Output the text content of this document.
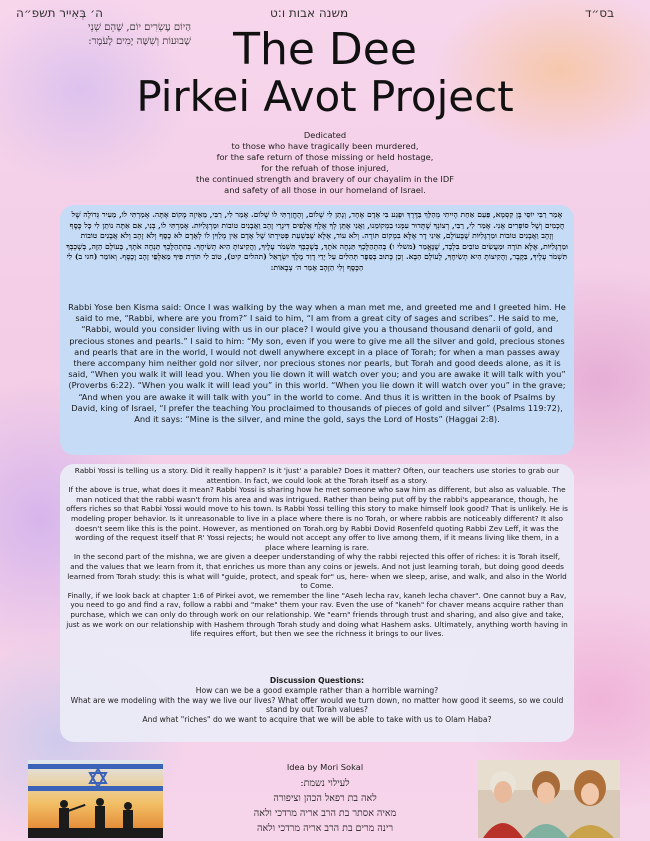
בס״ד
משנה אבות ו:ט
ה׳ בְּאִייר תשפ״ה
הַיוֹם עֶשְׂרִים יוֹם, שֶׁהֵם שְׁנֵי
שָׁבוּעוֹת וְשִׁשָּׁה יָמִים לָעֹמֶר: The Dee
Pirkei Avot Project
Dedicated
to those who have tragically been murdered,
for the safe return of those missing or held hostage,
for the refuah of those injured,
the continued strength and bravery of our chayalim in the IDF
and safety of all those in our homeland of Israel.
אָמַר רַבִּי יוֹסֵי בֶּן קִסְמָא, פַּעַם אַחַת הָיִיתִי מְהַלֵּךְ בַּדֶּרֶךְ וּפָגַע בִּי אָדָם אֶחָד, וְנָתַן לִי שָׁלוֹם, וְהֶחֱזַרְתִּי לוֹ שָׁלוֹם. אָמַר לִי, רַבִּי, מֵאֵיזֶה מָקוֹם אָתָּה. אָמַרְתִּי לוֹ, מֵעִיר גְּדוֹלָה שֶׁל חֲכָמִים וְשֶׁל סוֹפְרִים אָנִי. אָמַר לִי, רַבִּי, רְצוֹנְךָ שֶׁתָּדוּר עִמָּנוּ בִמְקוֹמֵנוּ, וַאֲנִי אֶתֵּן לְךָ אֶלֶף אֲלָפִים דִּינְרֵי זָהָב וַאֲבָנִים טוֹבוֹת וּמַרְגָּלִיּוֹת. אָמַרְתִּי לוֹ, בְּנִי, אִם אַתָּה נוֹתֵן לִי כָּל כֶּסֶף וְזָהָב וַאֲבָנִים טוֹבוֹת וּמַרְגָּלִיּוֹת שֶׁבָּעוֹלָם, אֵינִי דָר אֶלָּא בִמְקוֹם תּוֹרָה. וְלֹא עוֹד, אֶלָּא שֶׁבִּשְׁעַת פְּטִירָתוֹ שֶׁל אָדָם אֵין מְלַוִּין לוֹ לְאָדָם לֹא כֶסֶף וְלֹא זָהָב וְלֹא אֲבָנִים טוֹבוֹת וּמַרְגָּלִיּוֹת, אֶלָּא תוֹרָה וּמַעֲשִׂים טוֹבִים בִּלְבָד, שֶׁנֶּאֱמַר (משלי ו) בְּהִתְהַלֶּכְךָ תַּנְחֶה אֹתָךְ, בְּשָׁכְבְּךָ תִּשְׁמֹר עָלֶיךָ, וַהֲקִיצוֹתָ הִיא תְשִׂיחֶךָ. בְּהִתְהַלֶּכְךָ תַּנְחֶה אֹתָךְ, בָּעוֹלָם הַזֶּה, בְּשָׁכְבְּךָ תִּשְׁמֹר עָלֶיךָ, בַּקֶּבֶר, וַהֲקִיצוֹתָ הִיא תְשִׂיחֶךָ, לָעוֹלָם הַבָּא. וְכֵן כָּתוּב בְּסֵפֶר תְּהִלִּים עַל יְדֵי דָוִד מֶלֶךְ יִשְׂרָאֵל (תהלים קיט), טוֹב לִי תוֹרַת פִּיךָ מֵאַלְפֵי זָהָב וָכָסֶף. וְאוֹמֵר (חגי ב) לִי הַכֶּסֶף וְלִי הַזָּהָב אָמַר ה׳ צְבָאוֹת:
Rabbi Yose ben Kisma said: Once I was walking by the way when a man met me, and greeted me and I greeted him. He said to me, “Rabbi, where are you from?” I said to him, “I am from a great city of sages and scribes”. He said to me, “Rabbi, would you consider living with us in our place? I would give you a thousand thousand denarii of gold, and precious stones and pearls.” I said to him: “My son, even if you were to give me all the silver and gold, precious stones and pearls that are in the world, I would not dwell anywhere except in a place of Torah; for when a man passes away there accompany him neither gold nor silver, nor precious stones nor pearls, but Torah and good deeds alone, as it is said, “When you walk it will lead you. When you lie down it will watch over you; and you are awake it will talk with you” (Proverbs 6:22). “When you walk it will lead you” in this world. “When you lie down it will watch over you” in the grave; “And when you are awake it will talk with you” in the world to come. And thus it is written in the book of Psalms by David, king of Israel, “I prefer the teaching You proclaimed to thousands of pieces of gold and silver” (Psalms 119:72), And it says: “Mine is the silver, and mine the gold, says the Lord of Hosts” (Haggai 2:8).

Rabbi Yossi is telling us a story. Did it really happen? Is it 'just' a parable? Does it matter? Often, our teachers use stories to grab our attention. In fact, we could look at the Torah itself as a story.

If the above is true, what does it mean? Rabbi Yossi is sharing how he met someone who saw him as different, but also as valuable. The man noticed that the rabbi wasn't from his area and was intrigued. Rather than being put off by the rabbi's appearance, though, he offers riches so that Rabbi Yossi would move to his town. Is Rabbi Yossi telling this story to make himself look good? That is unlikely. He is modeling proper behavior. Is it unreasonable to live in a place where there is no Torah, or where rabbis are noticeably different? It also doesn't seem like this is the point. However, as mentioned on Torah.org by Rabbi Dovid Rosenfeld quoting Rabbi Zev Leff, it was the wording of the request itself that R' Yossi rejects; he would not accept any offer to live among them, if it means living like them, in a place where learning is rare.

In the second part of the mishna, we are given a deeper understanding of why the rabbi rejected this offer of riches: it is Torah itself, and the values that we learn from it, that enriches us more than any coins or jewels. And not just learning torah, but doing good deeds learned from Torah study: this is what will "guide, protect, and speak for" us, here- when we sleep, arise, and walk, and also in the World to Come.

Finally, if we look back at chapter 1:6 of Pirkei avot, we remember the line "Aseh lecha rav, kaneh lecha chaver". One cannot buy a Rav, you need to go and find a rav, follow a rabbi and "make" them your rav. Even the use of "kaneh" for chaver means acquire rather than purchase, which we can only do through work on our relationship. We "earn" friends through trust and sharing, and also give and take, just as we work on our relationship with Hashem through Torah study and doing what Hashem asks. Ultimately, anything worth having in life requires effort, but then we see the richness it brings to our lives.

Discussion Questions:

How can we be a good example rather than a horrible warning?

What are we modeling with the way we live our lives? What offer would we turn down, no matter how good it seems, so we could stand by out Torah values?

And what "riches" do we want to acquire that we will be able to take with us to Olam Haba?

Idea by Mori Sokal
לעילוי נשמת:
לאה בת רפאל הכהן וציפורה
מאיה אסתר בת הרב אריה מרדכי ולאה
רינה מרים בת הרב אריה מרדכי ולאה
